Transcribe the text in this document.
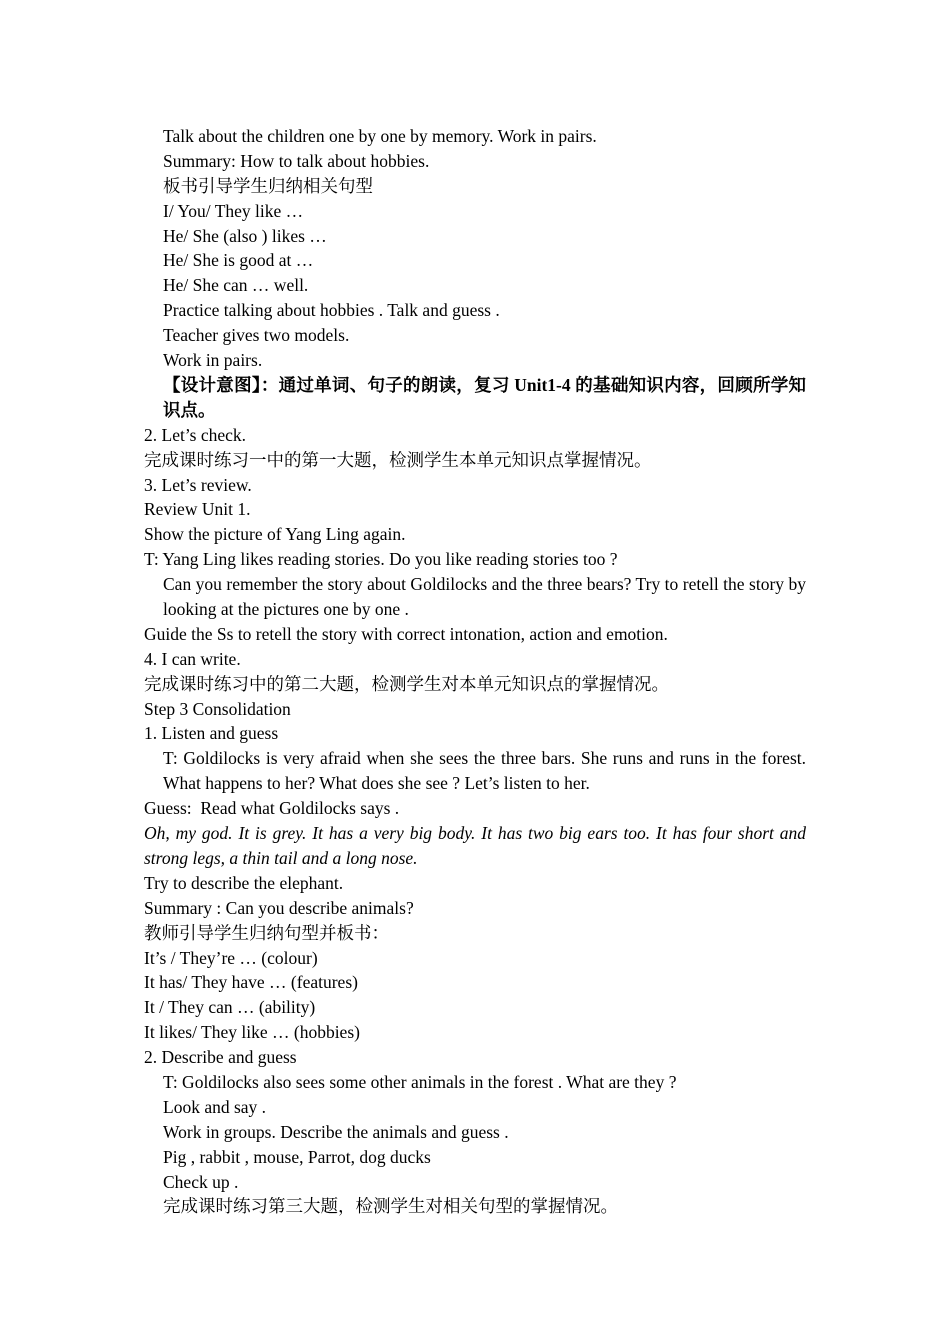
Talk about the children one by one by memory. Work in pairs.
Summary: How to talk about hobbies.
板书引导学生归纳相关句型
I/ You/ They like …
He/ She (also ) likes …
He/ She is good at …
He/ She can … well.
Practice talking about hobbies . Talk and guess .
Teacher gives two models.
Work in pairs.
【设计意图】：通过单词、句子的朗读，复习 Unit1-4 的基础知识内容，回顾所学知识点。
2. Let’s check.
完成课时练习一中的第一大题，检测学生本单元知识点掌握情况。
3. Let’s review.
Review Unit 1.
Show the picture of Yang Ling again.
T: Yang Ling likes reading stories. Do you like reading stories too ?
Can you remember the story about Goldilocks and the three bears? Try to retell the story by looking at the pictures one by one .
Guide the Ss to retell the story with correct intonation, action and emotion.
4. I can write.
完成课时练习中的第二大题，检测学生对本单元知识点的掌握情况。
Step 3 Consolidation
1. Listen and guess
T: Goldilocks is very afraid when she sees the three bars. She runs and runs in the forest. What happens to her? What does she see ? Let’s listen to her.
Guess:  Read what Goldilocks says .
Oh, my god. It is grey. It has a very big body. It has two big ears too. It has four short and strong legs, a thin tail and a long nose.
Try to describe the elephant.
Summary : Can you describe animals?
教师引导学生归纳句型并板书：
It’s / They’re … (colour)
It has/ They have … (features)
It / They can … (ability)
It likes/ They like … (hobbies)
2. Describe and guess
T: Goldilocks also sees some other animals in the forest . What are they ?
Look and say .
Work in groups. Describe the animals and guess .
Pig , rabbit , mouse, Parrot, dog ducks
Check up .
完成课时练习第三大题，检测学生对相关句型的掌握情况。
